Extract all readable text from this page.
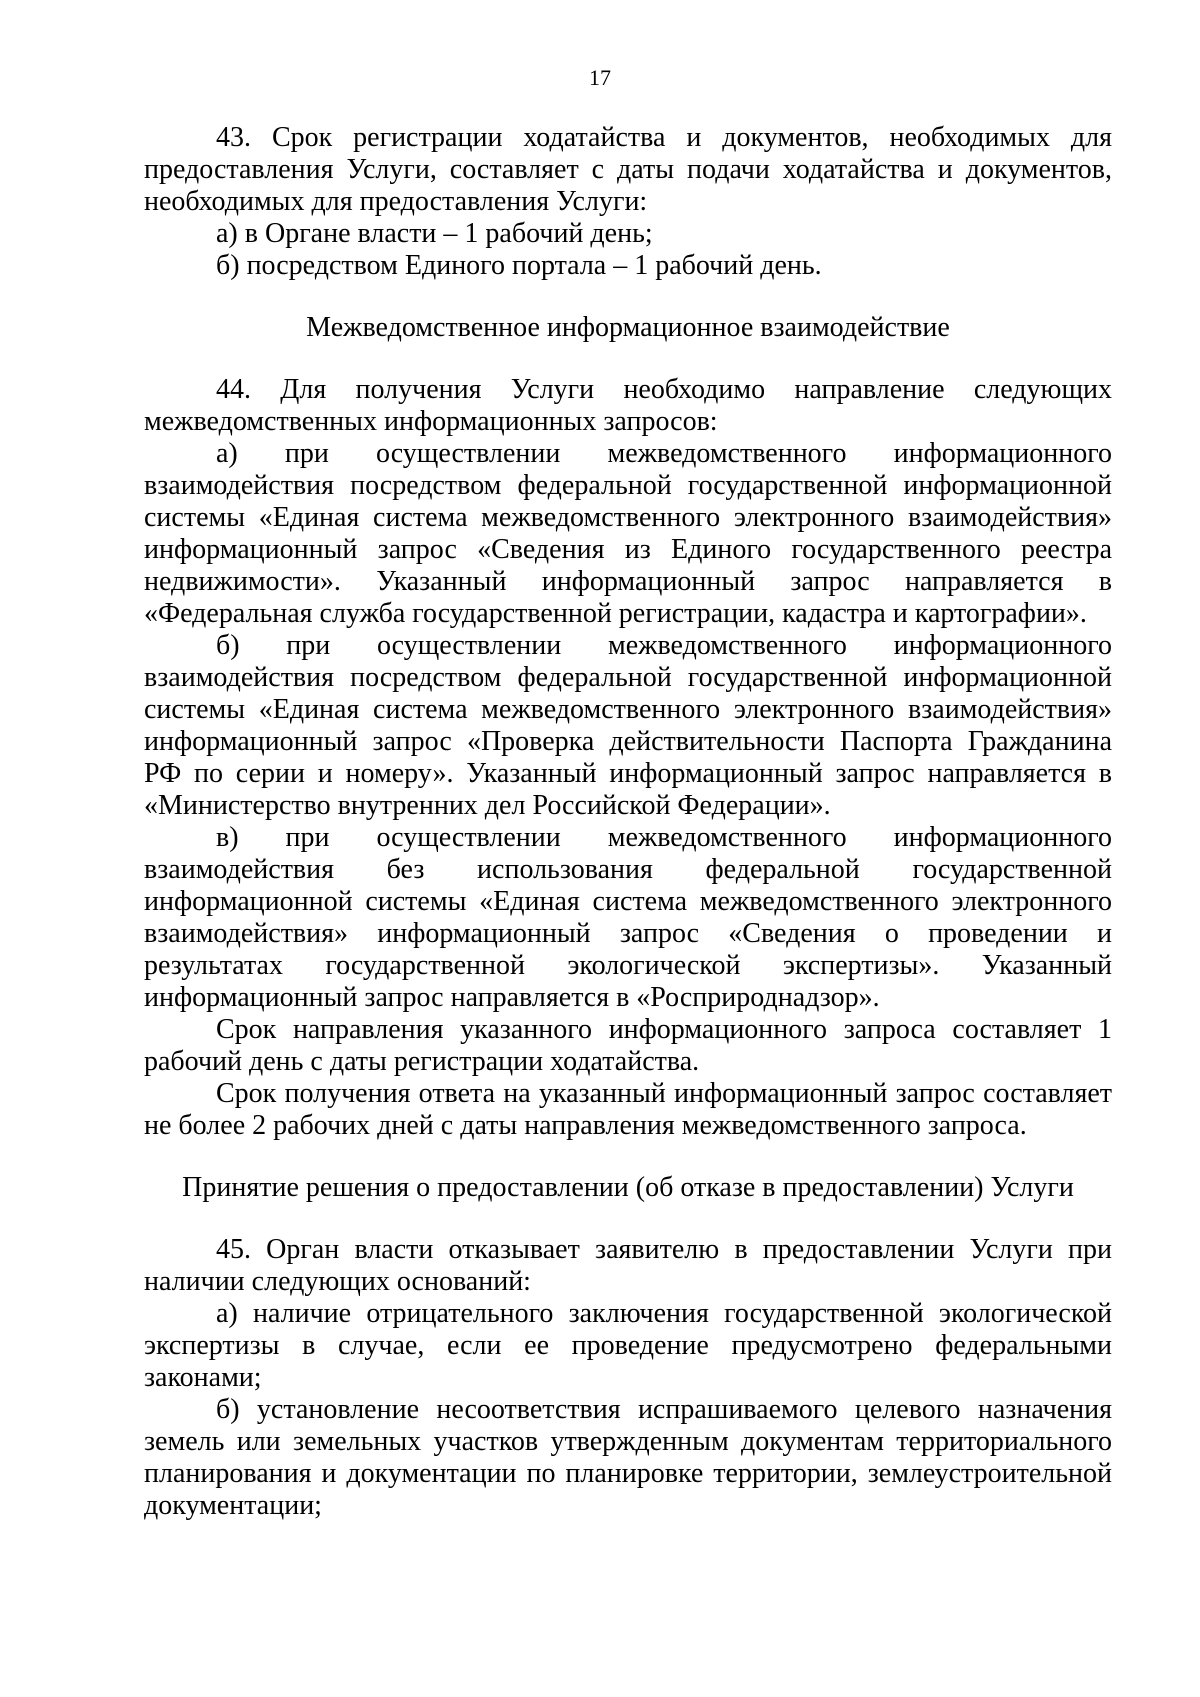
17

43. Срок регистрации ходатайства и документов, необходимых для предоставления Услуги, составляет с даты подачи ходатайства и документов, необходимых для предоставления Услуги:

а) в Органе власти – 1 рабочий день;

б) посредством Единого портала – 1 рабочий день.

Межведомственное информационное взаимодействие

44. Для получения Услуги необходимо направление следующих межведомственных информационных запросов:

а) при осуществлении межведомственного информационного взаимодействия посредством федеральной государственной информационной системы «Единая система межведомственного электронного взаимодействия» информационный запрос «Сведения из Единого государственного реестра недвижимости». Указанный информационный запрос направляется в «Федеральная служба государственной регистрации, кадастра и картографии».

б) при осуществлении межведомственного информационного взаимодействия посредством федеральной государственной информационной системы «Единая система межведомственного электронного взаимодействия» информационный запрос «Проверка действительности Паспорта Гражданина РФ по серии и номеру». Указанный информационный запрос направляется в «Министерство внутренних дел Российской Федерации».

в) при осуществлении межведомственного информационного взаимодействия без использования федеральной государственной информационной системы «Единая система межведомственного электронного взаимодействия» информационный запрос «Сведения о проведении и результатах государственной экологической экспертизы». Указанный информационный запрос направляется в «Росприроднадзор».

Срок направления указанного информационного запроса составляет 1 рабочий день с даты регистрации ходатайства.

Срок получения ответа на указанный информационный запрос составляет не более 2 рабочих дней с даты направления межведомственного запроса.

Принятие решения о предоставлении (об отказе в предоставлении) Услуги

45. Орган власти отказывает заявителю в предоставлении Услуги при наличии следующих оснований:

а) наличие отрицательного заключения государственной экологической экспертизы в случае, если ее проведение предусмотрено федеральными законами;

б) установление несоответствия испрашиваемого целевого назначения земель или земельных участков утвержденным документам территориального планирования и документации по планировке территории, землеустроительной документации;
